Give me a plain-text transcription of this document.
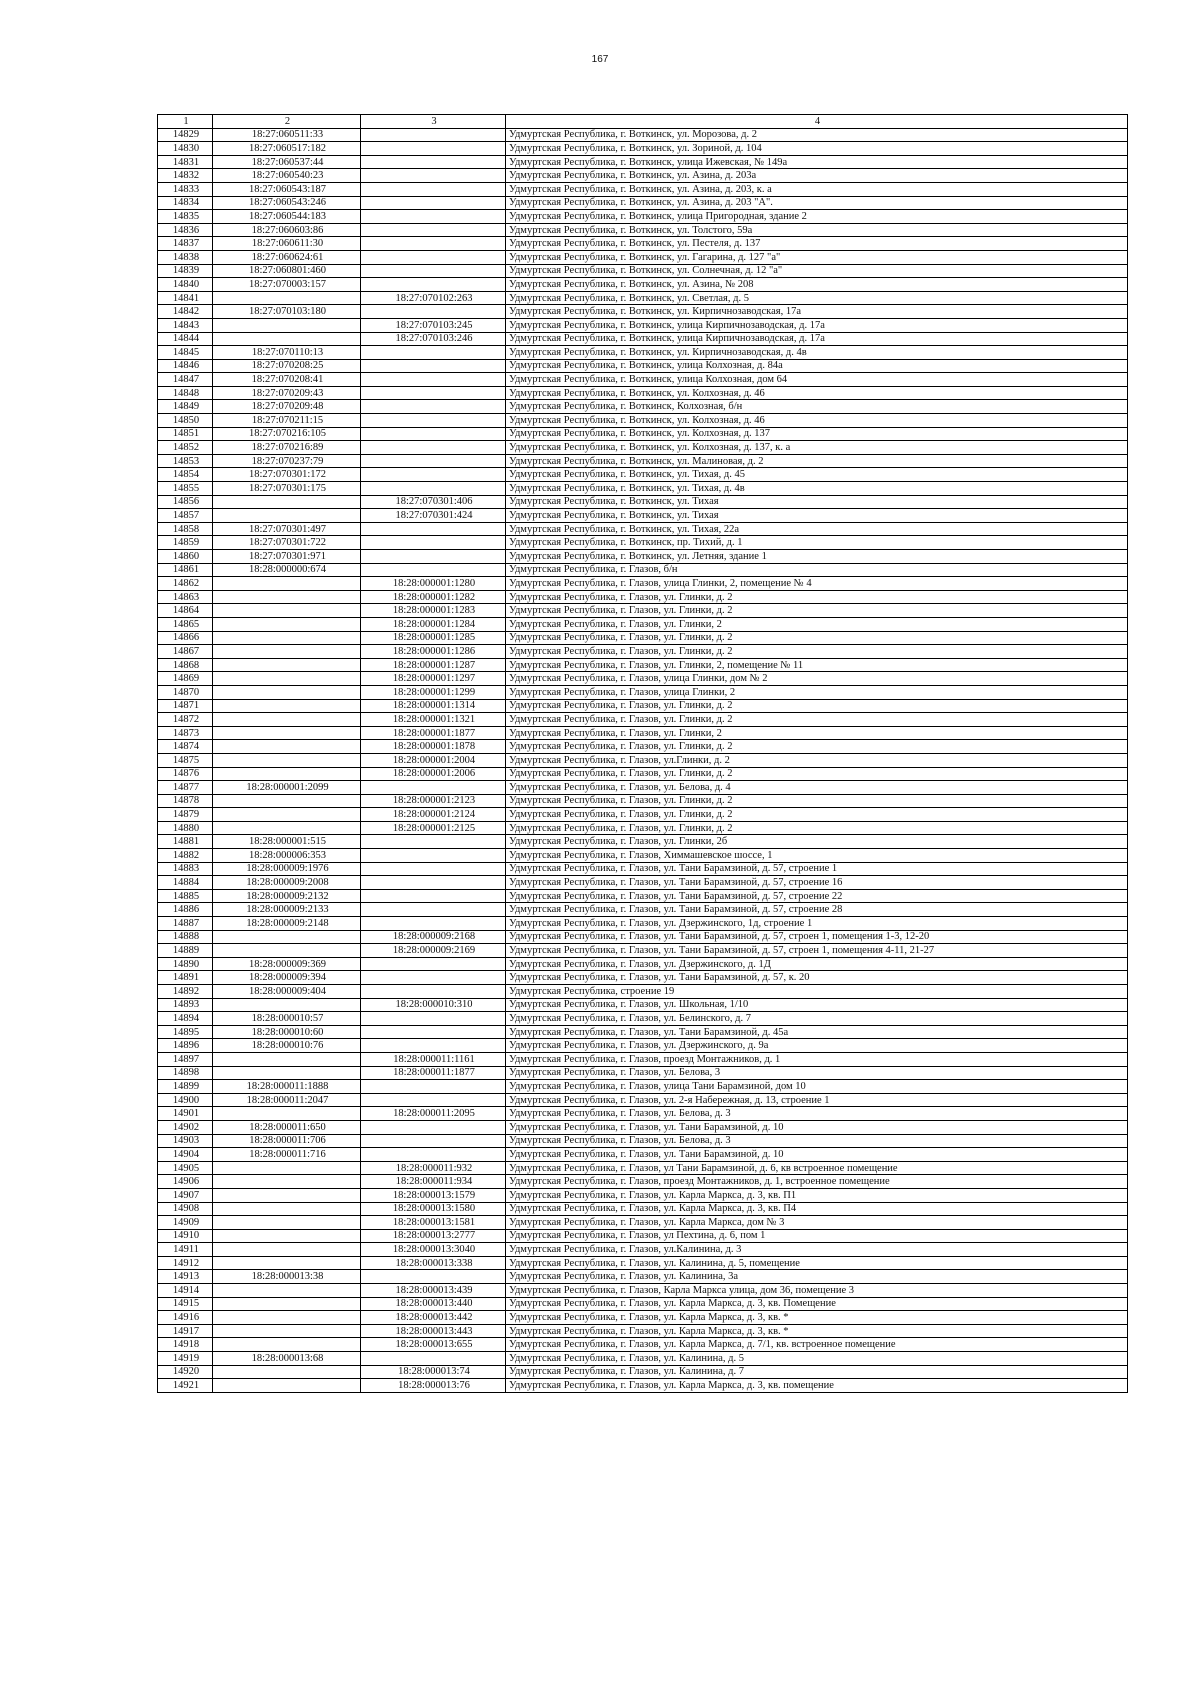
167
1	2	3	4
14829	18:27:060511:33		Удмуртская Республика, г. Воткинск, ул. Морозова, д. 2
14830	18:27:060517:182		Удмуртская Республика, г. Воткинск, ул. Зориной, д. 104
14831	18:27:060537:44		Удмуртская Республика, г. Воткинск, улица Ижевская, № 149а
14832	18:27:060540:23		Удмуртская Республика, г. Воткинск, ул. Азина, д. 203а
14833	18:27:060543:187		Удмуртская Республика, г. Воткинск, ул. Азина, д. 203, к. а
14834	18:27:060543:246		Удмуртская Республика, г. Воткинск, ул. Азина, д. 203 "А".
14835	18:27:060544:183		Удмуртская Республика, г. Воткинск, улица Пригородная, здание 2
14836	18:27:060603:86		Удмуртская Республика, г. Воткинск, ул. Толстого, 59а
14837	18:27:060611:30		Удмуртская Республика, г. Воткинск, ул. Пестеля, д. 137
14838	18:27:060624:61		Удмуртская Республика, г. Воткинск, ул. Гагарина, д. 127 "а"
14839	18:27:060801:460		Удмуртская Республика, г. Воткинск, ул. Солнечная, д. 12 "а"
14840	18:27:070003:157		Удмуртская Республика, г. Воткинск, ул. Азина, № 208
14841		18:27:070102:263	Удмуртская Республика, г. Воткинск, ул. Светлая, д. 5
14842	18:27:070103:180		Удмуртская Республика, г. Воткинск, ул. Кирпичнозаводская, 17а
14843		18:27:070103:245	Удмуртская Республика, г. Воткинск, улица Кирпичнозаводская, д. 17а
14844		18:27:070103:246	Удмуртская Республика, г. Воткинск, улица Кирпичнозаводская, д. 17а
14845	18:27:070110:13		Удмуртская Республика, г. Воткинск, ул. Кирпичнозаводская, д. 4в
14846	18:27:070208:25		Удмуртская Республика, г. Воткинск, улица Колхозная, д. 84а
14847	18:27:070208:41		Удмуртская Республика, г. Воткинск, улица Колхозная, дом 64
14848	18:27:070209:43		Удмуртская Республика, г. Воткинск, ул. Колхозная, д. 46
14849	18:27:070209:48		Удмуртская Республика, г. Воткинск, Колхозная, б/н
14850	18:27:070211:15		Удмуртская Республика, г. Воткинск, ул. Колхозная, д. 46
14851	18:27:070216:105		Удмуртская Республика, г. Воткинск, ул. Колхозная, д. 137
14852	18:27:070216:89		Удмуртская Республика, г. Воткинск, ул. Колхозная, д. 137, к. а
14853	18:27:070237:79		Удмуртская Республика, г. Воткинск, ул. Малиновая, д. 2
14854	18:27:070301:172		Удмуртская Республика, г. Воткинск, ул. Тихая, д. 45
14855	18:27:070301:175		Удмуртская Республика, г. Воткинск, ул. Тихая, д. 4в
14856		18:27:070301:406	Удмуртская Республика, г. Воткинск, ул. Тихая
14857		18:27:070301:424	Удмуртская Республика, г. Воткинск, ул. Тихая
14858	18:27:070301:497		Удмуртская Республика, г. Воткинск, ул. Тихая, 22а
14859	18:27:070301:722		Удмуртская Республика, г. Воткинск, пр. Тихий, д. 1
14860	18:27:070301:971		Удмуртская Республика, г. Воткинск, ул. Летняя, здание 1
14861	18:28:000000:674		Удмуртская Республика, г. Глазов, б/н
14862		18:28:000001:1280	Удмуртская Республика, г. Глазов, улица Глинки, 2, помещение № 4
14863		18:28:000001:1282	Удмуртская Республика, г. Глазов, ул. Глинки, д. 2
14864		18:28:000001:1283	Удмуртская Республика, г. Глазов, ул. Глинки, д. 2
14865		18:28:000001:1284	Удмуртская Республика, г. Глазов, ул. Глинки, 2
14866		18:28:000001:1285	Удмуртская Республика, г. Глазов, ул. Глинки, д. 2
14867		18:28:000001:1286	Удмуртская Республика, г. Глазов, ул. Глинки, д. 2
14868		18:28:000001:1287	Удмуртская Республика, г. Глазов, ул. Глинки, 2, помещение № 11
14869		18:28:000001:1297	Удмуртская Республика, г. Глазов, улица Глинки, дом № 2
14870		18:28:000001:1299	Удмуртская Республика, г. Глазов, улица Глинки, 2
14871		18:28:000001:1314	Удмуртская Республика, г. Глазов, ул. Глинки, д. 2
14872		18:28:000001:1321	Удмуртская Республика, г. Глазов, ул. Глинки, д. 2
14873		18:28:000001:1877	Удмуртская Республика, г. Глазов, ул. Глинки, 2
14874		18:28:000001:1878	Удмуртская Республика, г. Глазов, ул. Глинки, д. 2
14875		18:28:000001:2004	Удмуртская Республика, г. Глазов, ул.Глинки, д. 2
14876		18:28:000001:2006	Удмуртская Республика, г. Глазов, ул. Глинки, д. 2
14877	18:28:000001:2099		Удмуртская Республика, г. Глазов, ул. Белова, д. 4
14878		18:28:000001:2123	Удмуртская Республика, г. Глазов, ул. Глинки, д. 2
14879		18:28:000001:2124	Удмуртская Республика, г. Глазов, ул. Глинки, д. 2
14880		18:28:000001:2125	Удмуртская Республика, г. Глазов, ул. Глинки, д. 2
14881	18:28:000001:515		Удмуртская Республика, г. Глазов, ул. Глинки, 2б
14882	18:28:000006:353		Удмуртская Республика, г. Глазов, Химмашевское шоссе, 1
14883	18:28:000009:1976		Удмуртская Республика, г. Глазов, ул. Тани Барамзиной, д. 57, строение 1
14884	18:28:000009:2008		Удмуртская Республика, г. Глазов, ул. Тани Барамзиной, д. 57, строение 16
14885	18:28:000009:2132		Удмуртская Республика, г. Глазов, ул. Тани Барамзиной, д. 57, строение 22
14886	18:28:000009:2133		Удмуртская Республика, г. Глазов, ул. Тани Барамзиной, д. 57, строение 28
14887	18:28:000009:2148		Удмуртская Республика, г. Глазов, ул. Дзержинского, 1д, строение 1
14888		18:28:000009:2168	Удмуртская Республика, г. Глазов, ул. Тани Барамзиной, д. 57, строен 1, помещения 1-3, 12-20
14889		18:28:000009:2169	Удмуртская Республика, г. Глазов, ул. Тани Барамзиной, д. 57, строен 1, помещения 4-11, 21-27
14890	18:28:000009:369		Удмуртская Республика, г. Глазов, ул. Дзержинского, д. 1Д
14891	18:28:000009:394		Удмуртская Республика, г. Глазов, ул. Тани Барамзиной, д. 57, к. 20
14892	18:28:000009:404		Удмуртская Республика, строение 19
14893		18:28:000010:310	Удмуртская Республика, г. Глазов, ул. Школьная, 1/10
14894	18:28:000010:57		Удмуртская Республика, г. Глазов, ул. Белинского, д. 7
14895	18:28:000010:60		Удмуртская Республика, г. Глазов, ул. Тани Барамзиной, д. 45а
14896	18:28:000010:76		Удмуртская Республика, г. Глазов, ул. Дзержинского, д. 9а
14897		18:28:000011:1161	Удмуртская Республика, г. Глазов, проезд Монтажников, д. 1
14898		18:28:000011:1877	Удмуртская Республика, г. Глазов, ул. Белова, 3
14899	18:28:000011:1888		Удмуртская Республика, г. Глазов, улица Тани Барамзиной, дом 10
14900	18:28:000011:2047		Удмуртская Республика, г. Глазов, ул. 2-я Набережная, д. 13, строение 1
14901		18:28:000011:2095	Удмуртская Республика, г. Глазов, ул. Белова, д. 3
14902	18:28:000011:650		Удмуртская Республика, г. Глазов, ул. Тани Барамзиной, д. 10
14903	18:28:000011:706		Удмуртская Республика, г. Глазов, ул. Белова, д. 3
14904	18:28:000011:716		Удмуртская Республика, г. Глазов, ул. Тани Барамзиной, д. 10
14905		18:28:000011:932	Удмуртская Республика, г. Глазов, ул Тани Барамзиной, д. 6, кв встроенное помещение
14906		18:28:000011:934	Удмуртская Республика, г. Глазов, проезд Монтажников, д. 1, встроенное помещение
14907		18:28:000013:1579	Удмуртская Республика, г. Глазов, ул. Карла Маркса, д. 3, кв. П1
14908		18:28:000013:1580	Удмуртская Республика, г. Глазов, ул. Карла Маркса, д. 3, кв. П4
14909		18:28:000013:1581	Удмуртская Республика, г. Глазов, ул. Карла Маркса, дом № 3
14910		18:28:000013:2777	Удмуртская Республика, г. Глазов, ул Пехтина, д. 6, пом 1
14911		18:28:000013:3040	Удмуртская Республика, г. Глазов, ул.Калинина, д. 3
14912		18:28:000013:338	Удмуртская Республика, г. Глазов, ул. Калинина, д. 5, помещение
14913	18:28:000013:38		Удмуртская Республика, г. Глазов, ул. Калинина, 3а
14914		18:28:000013:439	Удмуртская Республика, г. Глазов, Карла Маркса улица, дом 36, помещение 3
14915		18:28:000013:440	Удмуртская Республика, г. Глазов, ул. Карла Маркса, д. 3, кв. Помещение
14916		18:28:000013:442	Удмуртская Республика, г. Глазов, ул. Карла Маркса, д. 3, кв. *
14917		18:28:000013:443	Удмуртская Республика, г. Глазов, ул. Карла Маркса, д. 3, кв. *
14918		18:28:000013:655	Удмуртская Республика, г. Глазов, ул. Карла Маркса, д. 7/1, кв. встроенное помещение
14919	18:28:000013:68		Удмуртская Республика, г. Глазов, ул. Калинина, д. 5
14920		18:28:000013:74	Удмуртская Республика, г. Глазов, ул. Калинина, д. 7
14921		18:28:000013:76	Удмуртская Республика, г. Глазов, ул. Карла Маркса, д. 3, кв. помещение
